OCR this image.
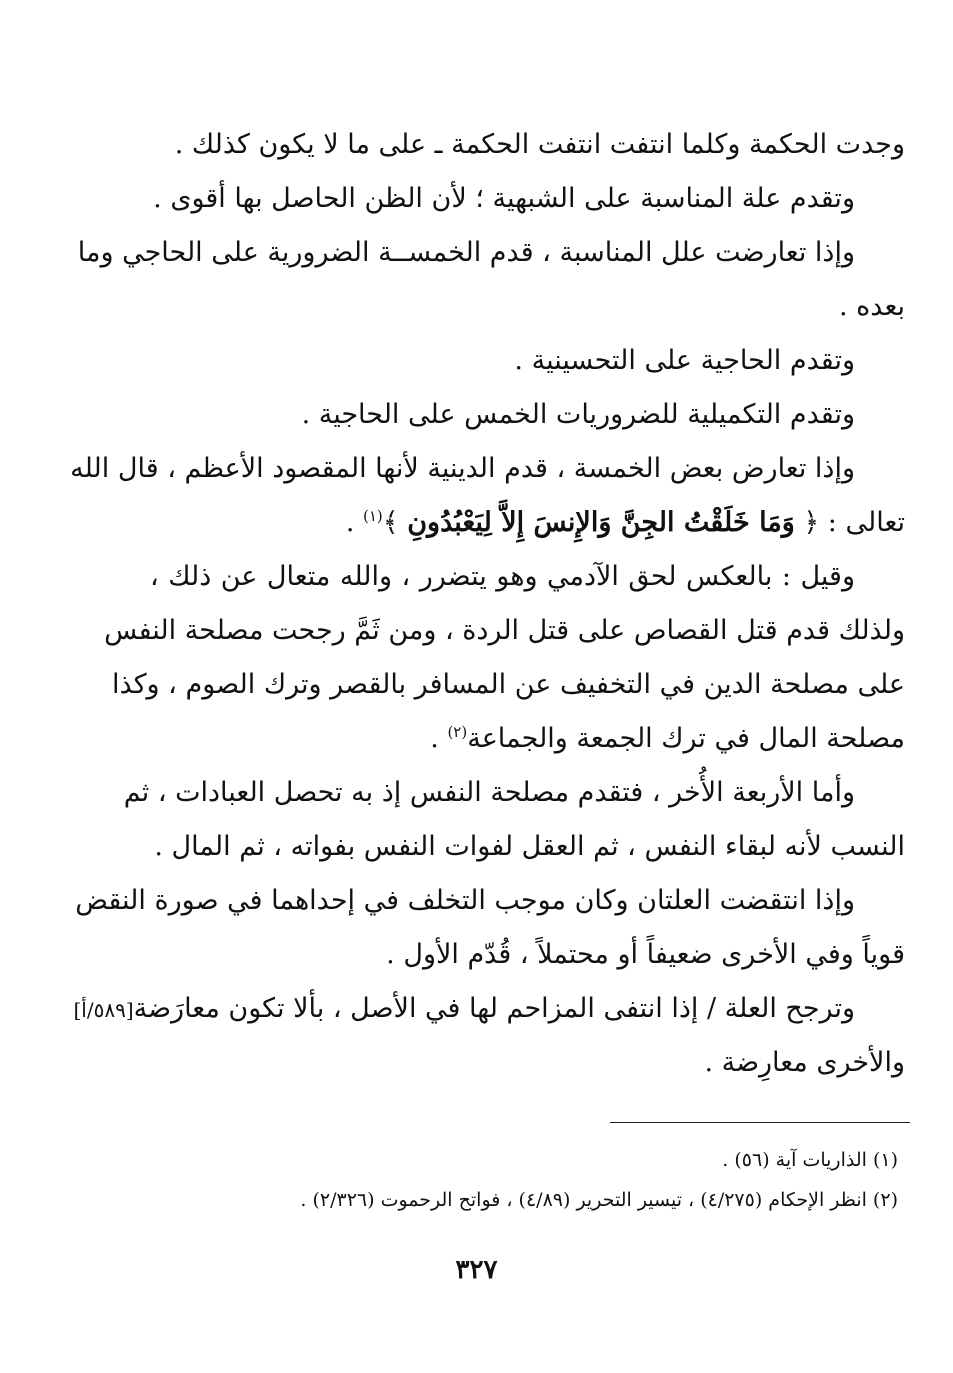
وجدت الحكمة وكلما انتفت انتفت الحكمة ـ على ما لا يكون كذلك .
وتقدم علة المناسبة على الشبهية ؛ لأن الظن الحاصل بها أقوى .
وإذا تعارضت علل المناسبة ، قدم الخمســة الضرورية على الحاجي وما
بعده .
وتقدم الحاجية على التحسينية .
وتقدم التكميلية للضروريات الخمس على الحاجية .
وإذا تعارض بعض الخمسة ، قدم الدينية لأنها المقصود الأعظم ، قال الله
تعالى : ﴿ وَمَا خَلَقْتُ الجِنَّ وَالإِنسَ إِلاَّ لِيَعْبُدُونِ ﴾$^{(١)}$ .
وقيل : بالعكس لحق الآدمي وهو يتضرر ، والله متعال عن ذلك ،
ولذلك قدم قتل القصاص على قتل الردة ، ومن ثَمَّ رجحت مصلحة النفس
على مصلحة الدين في التخفيف عن المسافر بالقصر وترك الصوم ، وكذا
مصلحة المال في ترك الجمعة والجماعة$^{(٢)}$ .
وأما الأربعة الأُخر ، فتقدم مصلحة النفس إذ به تحصل العبادات ، ثم
النسب لأنه لبقاء النفس ، ثم العقل لفوات النفس بفواته ، ثم المال .
وإذا انتقضت العلتان وكان موجب التخلف في إحداهما في صورة النقض
قوياً وفي الأخرى ضعيفاً أو محتملاً ، قُدّم الأول .
وترجح العلة / إذا انتفى المزاحم لها في الأصل ، بألا تكون معارَضة[٥٨٩/أ]
والأخرى معارِضة .
(١) الذاريات آية (٥٦) .
(٢) انظر الإحكام (٤/٢٧٥) ، تيسير التحرير (٤/٨٩) ، فواتح الرحموت (٢/٣٢٦) .
٣٢٧
